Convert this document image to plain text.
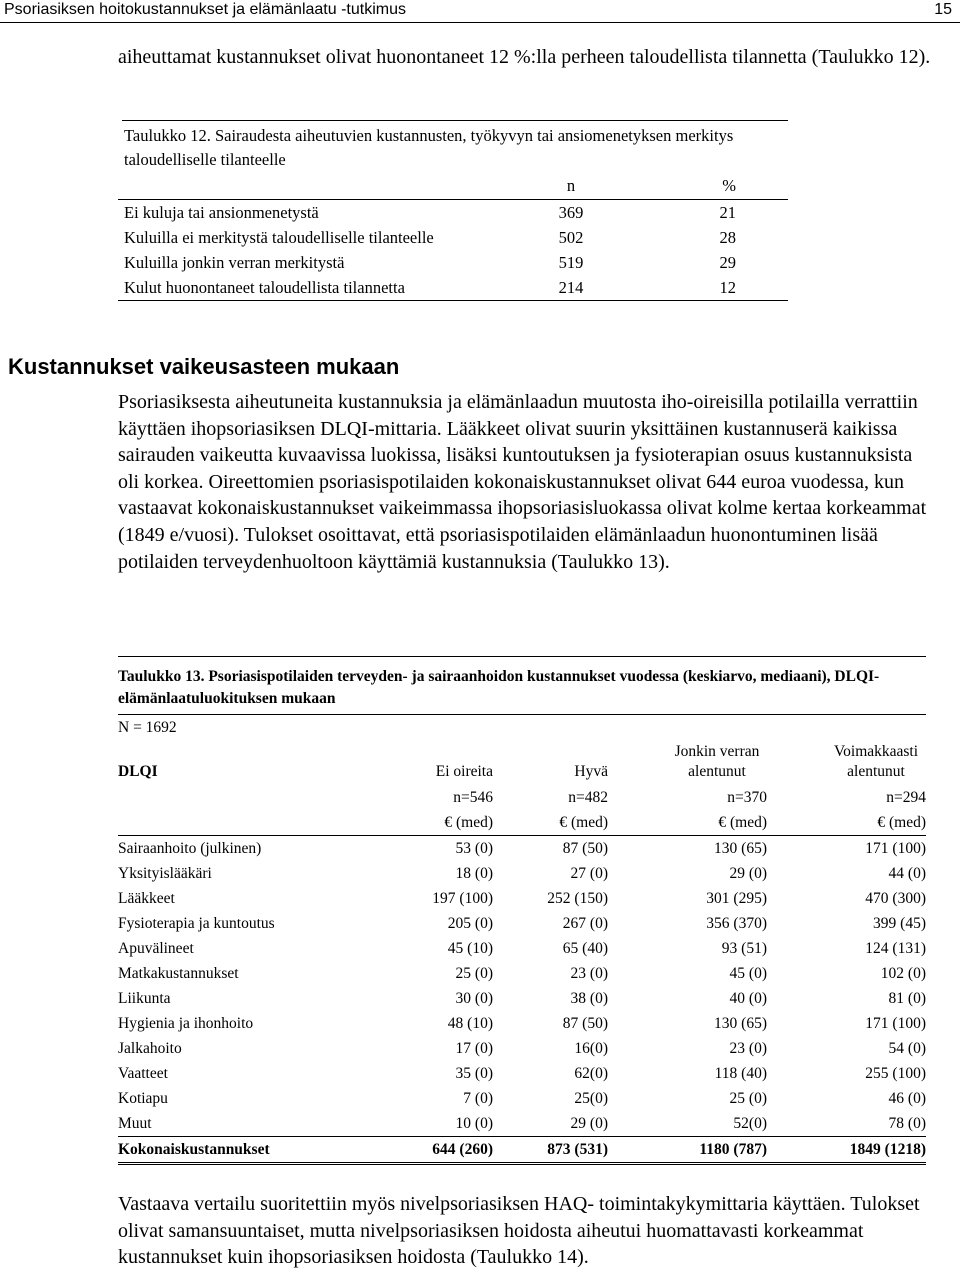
Psoriasiksen hoitokustannukset ja elämänlaatu -tutkimus	15
aiheuttamat kustannukset olivat huonontaneet 12 %:lla perheen taloudellista tilannetta (Taulukko 12).
Taulukko 12. Sairaudesta aiheutuvien kustannusten, työkyvyn tai ansiomenetyksen merkitys taloudelliselle tilanteelle
	n	%
Ei kuluja tai ansionmenetystä	369	21
Kuluilla ei merkitystä taloudelliselle tilanteelle	502	28
Kuluilla jonkin verran merkitystä	519	29
Kulut huonontaneet taloudellista tilannetta	214	12
Kustannukset vaikeusasteen mukaan
Psoriasiksesta aiheutuneita kustannuksia ja elämänlaadun muutosta iho-oireisilla potilailla verrattiin käyttäen ihopsoriasiksen DLQI-mittaria. Lääkkeet olivat suurin yksittäinen kustannuserä kaikissa sairauden vaikeutta kuvaavissa luokissa, lisäksi kuntoutuksen ja fysioterapian osuus kustannuksista oli korkea. Oireettomien psoriasispotilaiden kokonaiskustannukset olivat 644 euroa vuodessa, kun vastaavat kokonaiskustannukset vaikeimmassa ihopsoriasisluokassa olivat kolme kertaa korkeammat (1849 e/vuosi). Tulokset osoittavat, että psoriasispotilaiden elämänlaadun huonontuminen lisää potilaiden terveydenhuoltoon käyttämiä kustannuksia (Taulukko 13).
Taulukko 13. Psoriasispotilaiden terveyden- ja sairaanhoidon kustannukset vuodessa (keskiarvo, mediaani), DLQI- elämänlaatuluokituksen mukaan
N = 1692				
DLQI	Ei oireita	Hyvä	Jonkin verran alentunut	Voimakkaasti alentunut
	n=546	n=482	n=370	n=294
	€ (med)	€ (med)	€ (med)	€ (med)
Sairaanhoito (julkinen)	53 (0)	87 (50)	130 (65)	171 (100)
Yksityislääkäri	18 (0)	27 (0)	29 (0)	44 (0)
Lääkkeet	197 (100)	252 (150)	301 (295)	470 (300)
Fysioterapia ja kuntoutus	205 (0)	267 (0)	356 (370)	399 (45)
Apuvälineet	45 (10)	65 (40)	93 (51)	124 (131)
Matkakustannukset	25 (0)	23 (0)	45 (0)	102 (0)
Liikunta	30 (0)	38 (0)	40 (0)	81 (0)
Hygienia ja ihonhoito	48 (10)	87 (50)	130 (65)	171 (100)
Jalkahoito	17 (0)	16(0)	23 (0)	54 (0)
Vaatteet	35 (0)	62(0)	118 (40)	255 (100)
Kotiapu	7 (0)	25(0)	25 (0)	46 (0)
Muut	10 (0)	29 (0)	52(0)	78 (0)
Kokonaiskustannukset	644 (260)	873 (531)	1180 (787)	1849 (1218)
Vastaava vertailu suoritettiin myös nivelpsoriasiksen HAQ- toimintakykymittaria käyttäen. Tulokset olivat samansuuntaiset, mutta nivelpsoriasiksen hoidosta aiheutui huomattavasti korkeammat kustannukset kuin ihopsoriasiksen hoidosta (Taulukko 14).
